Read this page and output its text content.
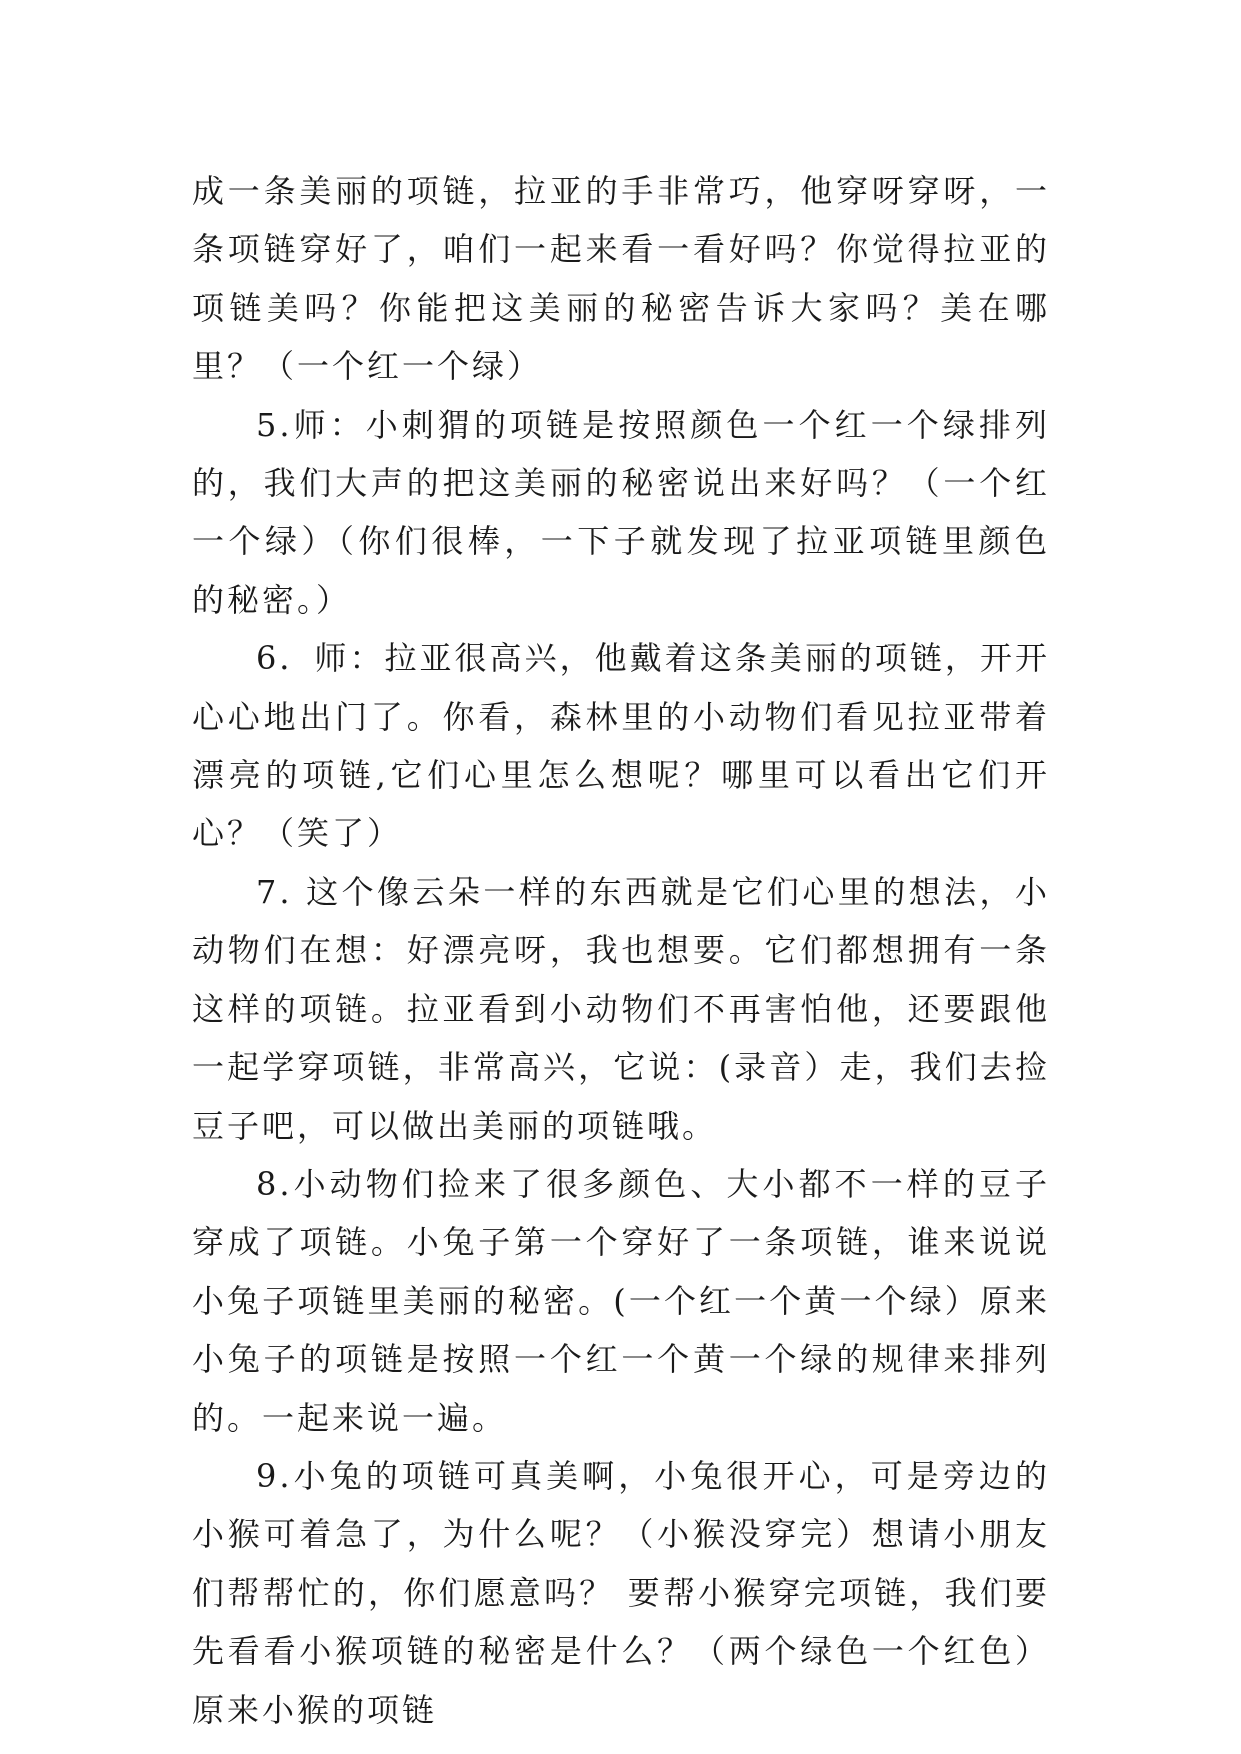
成一条美丽的项链，拉亚的手非常巧，他穿呀穿呀，一条项链穿好了，咱们一起来看一看好吗？你觉得拉亚的项链美吗？你能把这美丽的秘密告诉大家吗？美在哪里？（一个红一个绿）

5.师：小刺猬的项链是按照颜色一个红一个绿排列的，我们大声的把这美丽的秘密说出来好吗？（一个红一个绿）（你们很棒，一下子就发现了拉亚项链里颜色的秘密。）

6．师：拉亚很高兴，他戴着这条美丽的项链，开开心心地出门了。你看，森林里的小动物们看见拉亚带着漂亮的项链,它们心里怎么想呢？哪里可以看出它们开心？（笑了）

7. 这个像云朵一样的东西就是它们心里的想法，小动物们在想：好漂亮呀，我也想要。它们都想拥有一条这样的项链。拉亚看到小动物们不再害怕他，还要跟他一起学穿项链，非常高兴，它说：(录音）走，我们去捡豆子吧，可以做出美丽的项链哦。

8.小动物们捡来了很多颜色、大小都不一样的豆子穿成了项链。小兔子第一个穿好了一条项链，谁来说说小兔子项链里美丽的秘密。(一个红一个黄一个绿）原来小兔子的项链是按照一个红一个黄一个绿的规律来排列的。一起来说一遍。

9.小兔的项链可真美啊，小兔很开心，可是旁边的小猴可着急了，为什么呢？（小猴没穿完）想请小朋友们帮帮忙的，你们愿意吗？ 要帮小猴穿完项链，我们要先看看小猴项链的秘密是什么？（两个绿色一个红色）原来小猴的项链
